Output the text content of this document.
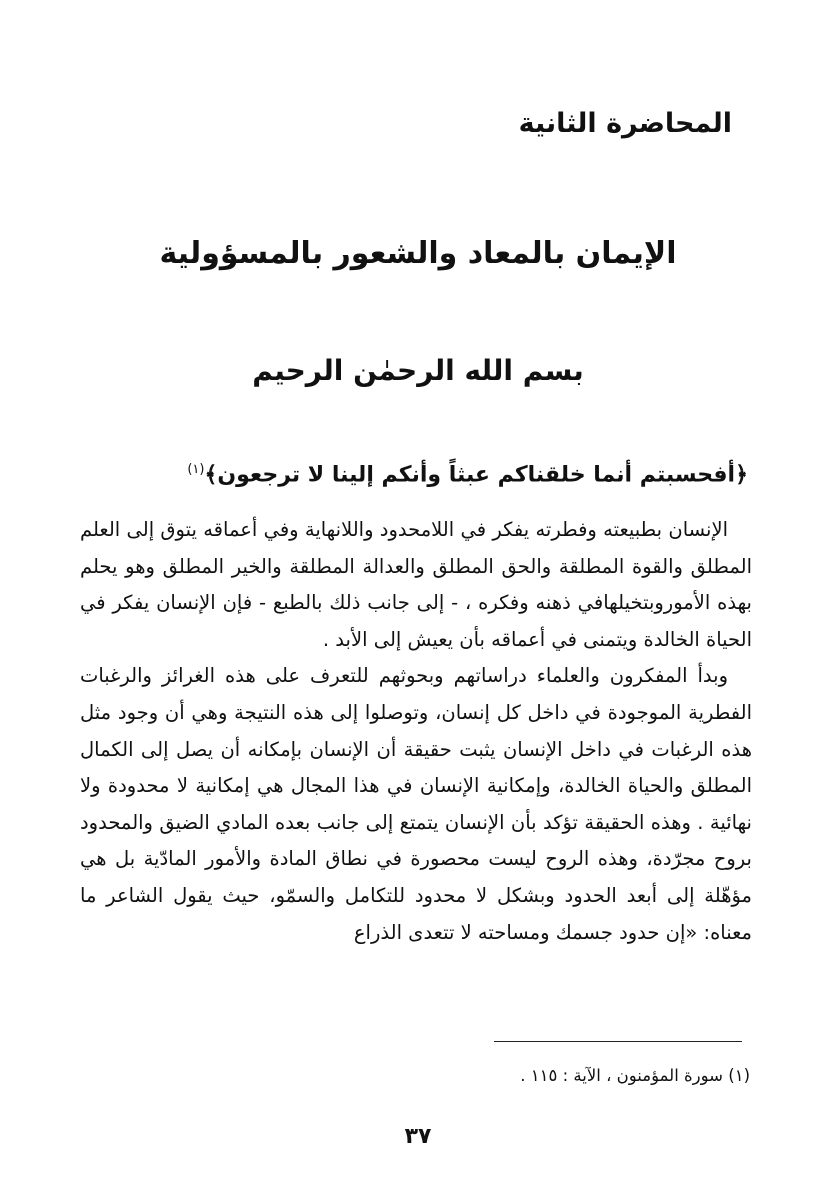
المحاضرة الثانية
الإيمان بالمعاد والشعور بالمسؤولية
بسم الله الرحمٰن الرحيم
﴿أفحسبتم أنما خلقناكم عبثاً وأنكم إلينا لا ترجعون﴾$^{(١)}$

الإنسان بطبيعته وفطرته يفكر في اللامحدود واللانهاية وفي أعماقه يتوق إلى العلم المطلق والقوة المطلقة والحق المطلق والعدالة المطلقة والخير المطلق وهو يحلم بهذه الأموروبتخيلهافي ذهنه وفكره ، - إلى جانب ذلك بالطبع - فإن الإنسان يفكر في الحياة الخالدة ويتمنى في أعماقه بأن يعيش إلى الأبد .

وبدأ المفكرون والعلماء دراساتهم وبحوثهم للتعرف على هذه الغرائز والرغبات الفطرية الموجودة في داخل كل إنسان، وتوصلوا إلى هذه النتيجة وهي أن وجود مثل هذه الرغبات في داخل الإنسان يثبت حقيقة أن الإنسان بإمكانه أن يصل إلى الكمال المطلق والحياة الخالدة، وإمكانية الإنسان في هذا المجال هي إمكانية لا محدودة ولا نهائية . وهذه الحقيقة تؤكد بأن الإنسان يتمتع إلى جانب بعده المادي الضيق والمحدود بروح مجرّدة، وهذه الروح ليست محصورة في نطاق المادة والأمور المادّية بل هي مؤهّلة إلى أبعد الحدود وبشكل لا محدود للتكامل والسمّو، حيث يقول الشاعر ما معناه: «إن حدود جسمك ومساحته لا تتعدى الذراع

(١) سورة المؤمنون ، الآية : ١١٥ .
٣٧
